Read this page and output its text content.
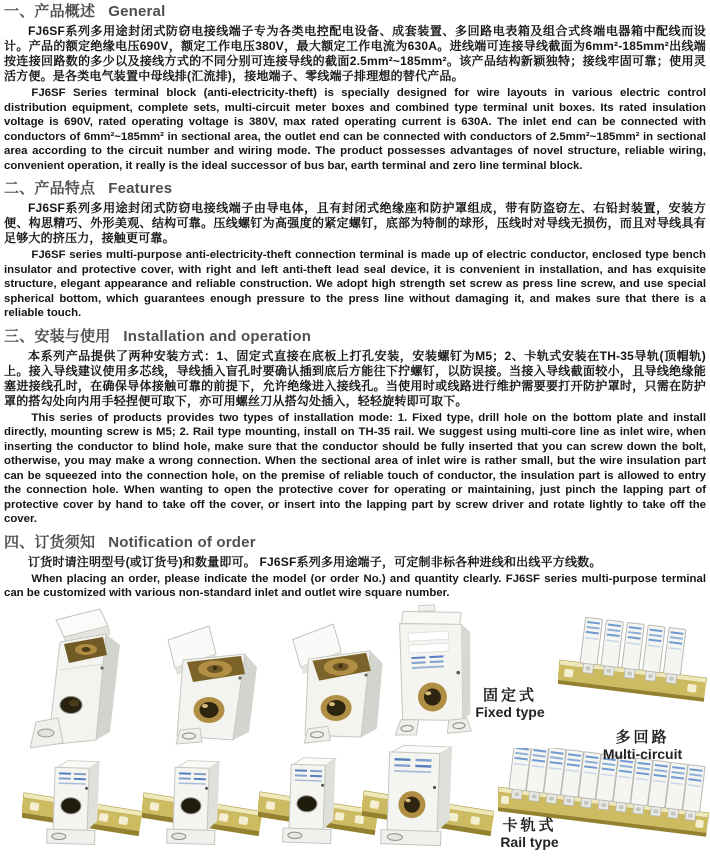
一、产品概述 General

FJ6SF系列多用途封闭式防窃电接线端子专为各类电控配电设备、成套装置、多回路电表箱及组合式终端电器箱中配线而设计。产品的额定绝缘电压690V，额定工作电压380V，最大额定工作电流为630A。进线端可连接导线截面为6mm²-185mm²出线端按连接回路数的多少以及接线方式的不同分别可连接导线的截面2.5mm²~185mm²。该产品结构新颖独特；接线牢固可靠；使用灵活方便。是各类电气装置中母线排(汇流排)，接地端子、零线端子排理想的替代产品。

FJ6SF Series terminal block (anti-electricity-theft) is specially designed for wire layouts in various electric control distribution equipment, complete sets, multi-circuit meter boxes and combined type terminal unit boxes. Its rated insulation voltage is 690V, rated operating voltage is 380V, max rated operating current is 630A. The inlet end can be connected with conductors of 6mm²~185mm² in sectional area, the outlet end can be connected with conductors of 2.5mm²~185mm² in sectional area according to the circuit number and wiring mode. The product possesses advantages of novel structure, reliable wiring, convenient operation, it really is the ideal successor of bus bar, earth terminal and zero line terminal block.

二、产品特点 Features

FJ6SF系列多用途封闭式防窃电接线端子由导电体，且有封闭式绝缘座和防护罩组成，带有防盗窃左、右铅封装置，安装方便、构思精巧、外形美观、结构可靠。压线螺钉为高强度的紧定螺钉，底部为特制的球形，压线时对导线无损伤，而且对导线具有足够大的挤压力，接触更可靠。

FJ6SF series multi-purpose anti-electricity-theft connection terminal is made up of electric conductor, enclosed type bench insulator and protective cover, with right and left anti-theft lead seal device, it is convenient in installation, and has exquisite structure, elegant appearance and reliable construction. We adopt high strength set screw as press line screw, and use special spherical bottom, which guarantees enough pressure to the press line without damaging it, and makes sure that there is a reliable touch.

三、安装与使用 Installation and operation

本系列产品提供了两种安装方式：1、固定式直接在底板上打孔安装，安装螺钉为M5；2、卡轨式安装在TH-35导轨(顶帽轨)上。接入导线建议使用多芯线，导线插入盲孔时要确认插到底后方能往下拧螺钉，以防误接。当接入导线截面较小，且导线绝缘能塞进接线孔时，在确保导体接触可靠的前提下，允许绝缘进入接线孔。当使用时或线路进行维护需要要打开防护罩时，只需在防护罩的搭勾处向内用手轻捏便可取下，亦可用螺丝刀从搭勾处插入，轻轻旋转即可取下。

This series of products provides two types of installation mode: 1. Fixed type, drill hole on the bottom plate and install directly, mounting screw is M5; 2. Rail type mounting, install on TH-35 rail. We suggest using multi-core line as inlet wire, when inserting the conductor to blind hole, make sure that the conductor should be fully inserted that you can screw down the bolt, otherwise, you may make a wrong connection. When the sectional area of inlet wire is rather small, but the wire insulation part can be squeezed into the connection hole, on the premise of reliable touch of conductor, the insulation part is allowed to entry the connection hole. When wanting to open the protective cover for operating or maintaining, just pinch the lapping part of protective cover by hand to take off the cover, or insert into the lapping part by screw driver and rotate lightly to take off the cover.

四、订货须知 Notification of order

订货时请注明型号(或订货号)和数量即可。 FJ6SF系列多用途端子，可定制非标各种进线和出线平方线数。

When placing an order, please indicate the model (or order No.) and quantity clearly. FJ6SF series multi-purpose terminal can be customized with various non-standard inlet and outlet wire square number.

固定式
Fixed type
多回路
Multi-circuit
卡轨式
Rail type
